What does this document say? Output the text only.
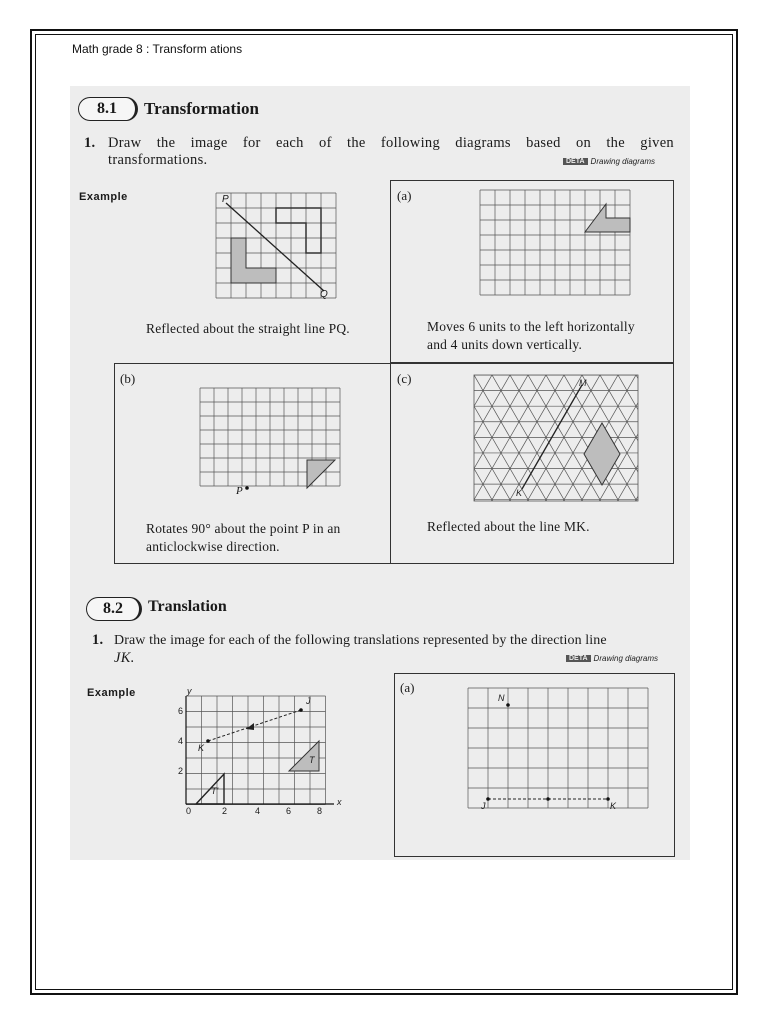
Math grade 8 : Transform ations
8.1	Transformation
1. Draw the image for each of the following diagrams based on the given
transformations.	DETA Drawing diagrams
Example	P
Q
Reflected about the straight line PQ.
(a)
Moves 6 units to the left horizontally
and 4 units down vertically.
(b)
P
Rotates 90° about the point P in an
anticlockwise direction.
(c)	M
K
Reflected about the line MK.
8.2	Translation
1. Draw the image for each of the following translations represented by the direction line
JK.	DETA Drawing diagrams
Example	y
x
6
4
2
0	2	4	6	8
J
K
T
T'
(a)
N
J	K
